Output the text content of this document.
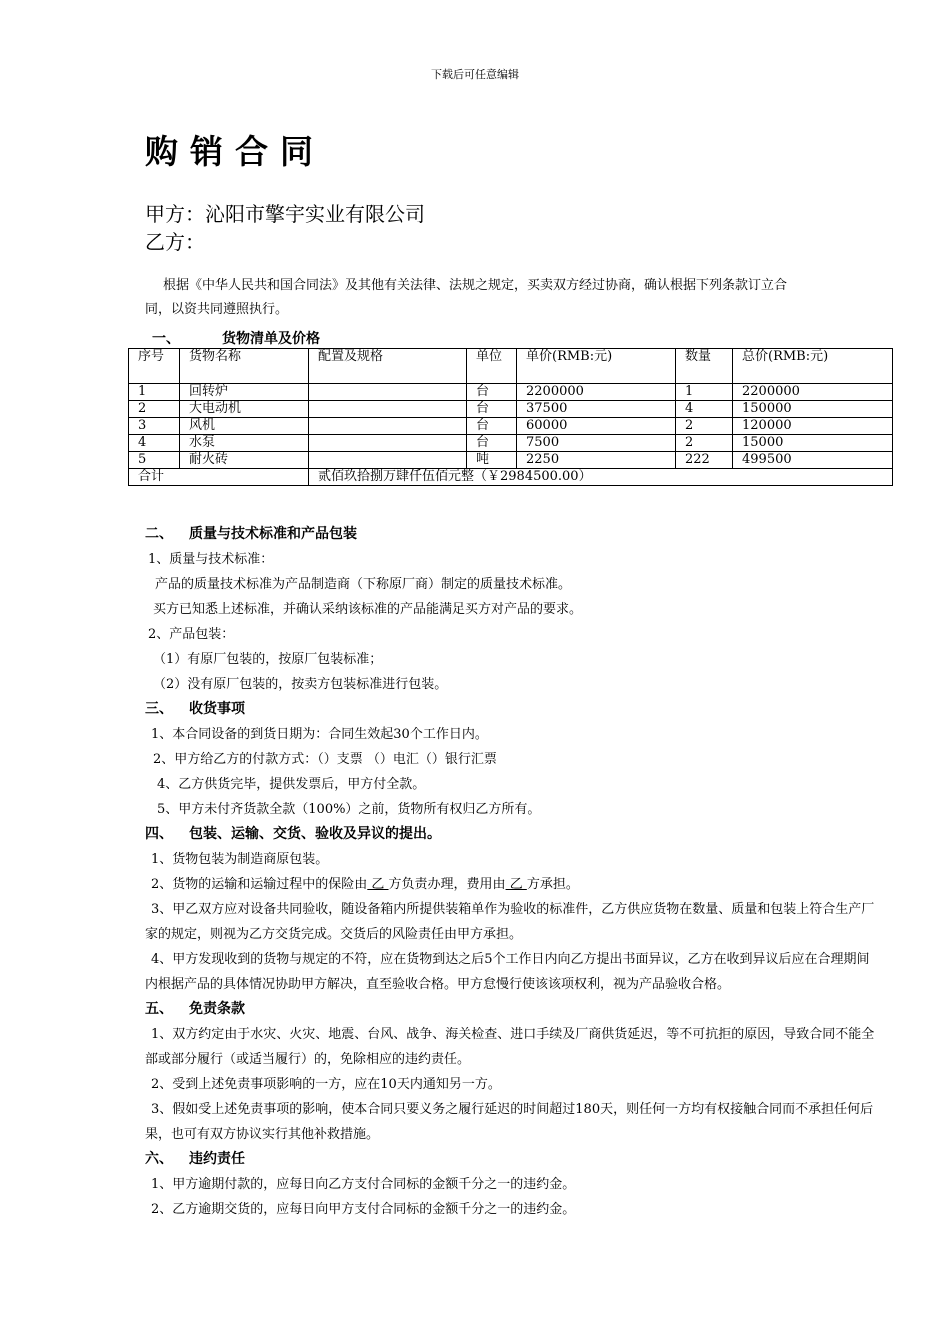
下载后可任意编辑
购销合同
甲方：沁阳市擎宇实业有限公司
乙方：

根据《中华人民共和国合同法》及其他有关法律、法规之规定，买卖双方经过协商，确认根据下列条款订立合同，以资共同遵照执行。

一、	货物清单及价格
序号	货物名称	配置及规格	单位	单价(RMB:元)	数量	总价(RMB:元)
1	回转炉		台	2200000	1	2200000
2	大电动机		台	37500	4	150000
3	风机		台	60000	2	120000
4	水泵		台	7500	2	15000
5	耐火砖		吨	2250	222	499500
合计		贰佰玖拾捌万肆仟伍佰元整（￥2984500.00）				
二、 质量与技术标准和产品包装
1、质量与技术标准：
产品的质量技术标准为产品制造商（下称原厂商）制定的质量技术标准。
买方已知悉上述标准，并确认采纳该标准的产品能满足买方对产品的要求。
2、产品包装：
（1）有原厂包装的，按原厂包装标准；
（2）没有原厂包装的，按卖方包装标准进行包装。
三、 收货事项
1、本合同设备的到货日期为：合同生效起30个工作日内。
2、甲方给乙方的付款方式：（）支票 （）电汇（）银行汇票
4、乙方供货完毕，提供发票后，甲方付全款。
5、甲方未付齐货款全款（100%）之前，货物所有权归乙方所有。
四、 包装、运输、交货、验收及异议的提出。
1、货物包装为制造商原包装。
2、货物的运输和运输过程中的保险由 乙 方负责办理，费用由 乙 方承担。
3、甲乙双方应对设备共同验收，随设备箱内所提供装箱单作为验收的标准件，乙方供应货物在数量、质量和包装上符合生产厂家的规定，则视为乙方交货完成。交货后的风险责任由甲方承担。
4、甲方发现收到的货物与规定的不符，应在货物到达之后5个工作日内向乙方提出书面异议，乙方在收到异议后应在合理期间内根据产品的具体情况协助甲方解决，直至验收合格。甲方怠慢行使该该项权利，视为产品验收合格。
五、 免责条款
1、双方约定由于水灾、火灾、地震、台风、战争、海关检查、进口手续及厂商供货延迟，等不可抗拒的原因，导致合同不能全部或部分履行（或适当履行）的，免除相应的违约责任。
2、受到上述免责事项影响的一方，应在10天内通知另一方。
3、假如受上述免责事项的影响，使本合同只要义务之履行延迟的时间超过180天，则任何一方均有权接触合同而不承担任何后果，也可有双方协议实行其他补救措施。
六、 违约责任
1、甲方逾期付款的，应每日向乙方支付合同标的金额千分之一的违约金。
2、乙方逾期交货的，应每日向甲方支付合同标的金额千分之一的违约金。
